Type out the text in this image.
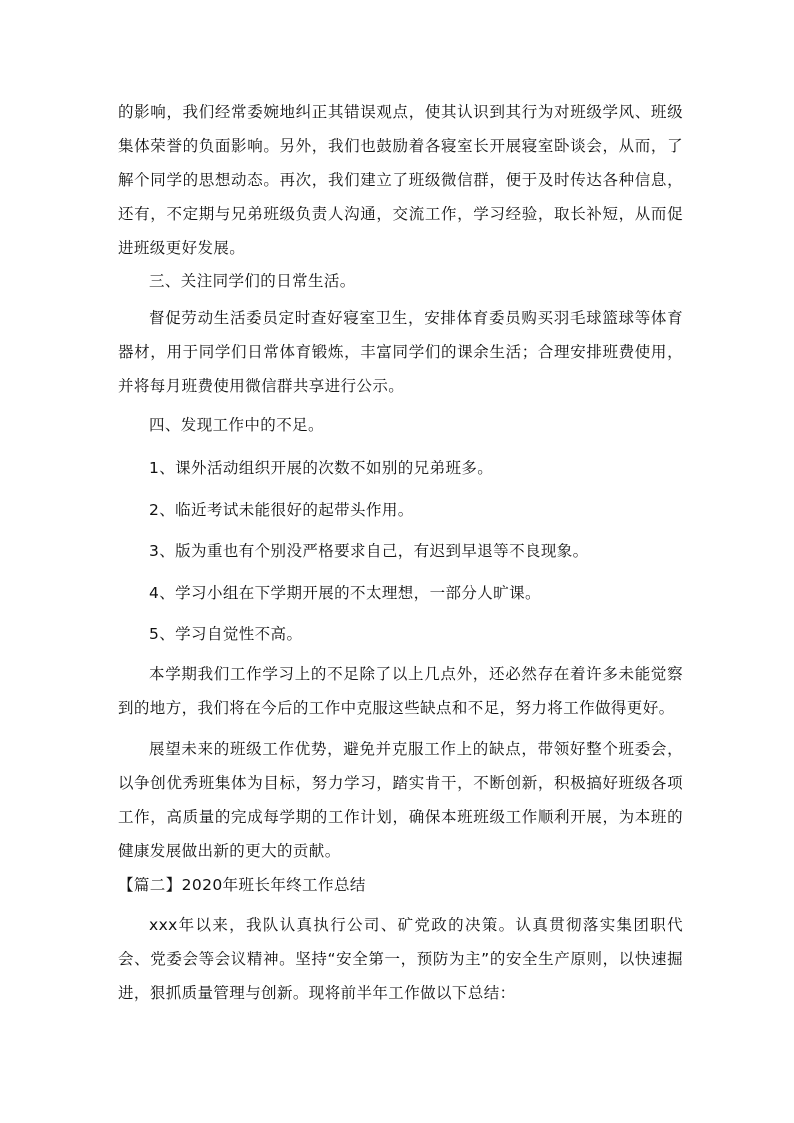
的影响，我们经常委婉地纠正其错误观点，使其认识到其行为对班级学风、班级集体荣誉的负面影响。另外，我们也鼓励着各寝室长开展寝室卧谈会，从而，了解个同学的思想动态。再次，我们建立了班级微信群，便于及时传达各种信息，还有，不定期与兄弟班级负责人沟通，交流工作，学习经验，取长补短，从而促进班级更好发展。

三、关注同学们的日常生活。

督促劳动生活委员定时查好寝室卫生，安排体育委员购买羽毛球篮球等体育器材，用于同学们日常体育锻炼，丰富同学们的课余生活；合理安排班费使用，并将每月班费使用微信群共享进行公示。

四、发现工作中的不足。

1、课外活动组织开展的次数不如别的兄弟班多。

2、临近考试未能很好的起带头作用。

3、版为重也有个别没严格要求自己，有迟到早退等不良现象。

4、学习小组在下学期开展的不太理想，一部分人旷课。

5、学习自觉性不高。

本学期我们工作学习上的不足除了以上几点外，还必然存在着许多未能觉察到的地方，我们将在今后的工作中克服这些缺点和不足，努力将工作做得更好。

展望未来的班级工作优势，避免并克服工作上的缺点，带领好整个班委会，以争创优秀班集体为目标，努力学习，踏实肯干，不断创新，积极搞好班级各项工作，高质量的完成每学期的工作计划，确保本班班级工作顺利开展，为本班的健康发展做出新的更大的贡献。

【篇二】2020年班长年终工作总结

xxx年以来，我队认真执行公司、矿党政的决策。认真贯彻落实集团职代会、党委会等会议精神。坚持“安全第一，预防为主”的安全生产原则，以快速掘进，狠抓质量管理与创新。现将前半年工作做以下总结：
